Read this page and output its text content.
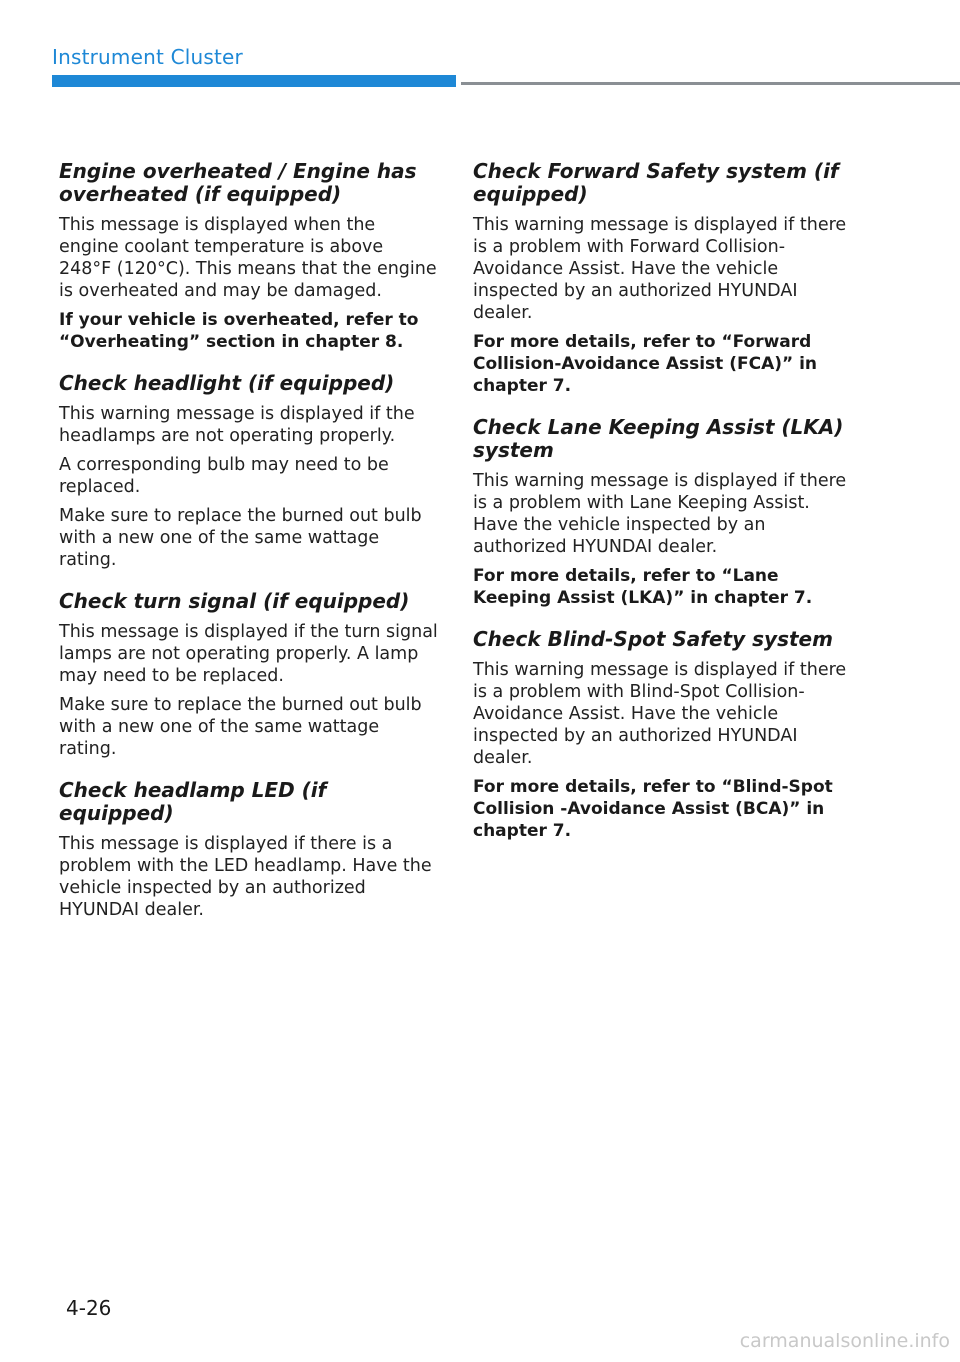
Instrument Cluster
Engine overheated / Engine has overheated (if equipped)

This message is displayed when the engine coolant temperature is above 248°F (120°C). This means that the engine is overheated and may be damaged.

If your vehicle is overheated, refer to “Overheating” section in chapter 8.

Check headlight (if equipped)

This warning message is displayed if the headlamps are not operating properly.

A corresponding bulb may need to be replaced.

Make sure to replace the burned out bulb with a new one of the same wattage rating.

Check turn signal (if equipped)

This message is displayed if the turn signal lamps are not operating properly. A lamp may need to be replaced.

Make sure to replace the burned out bulb with a new one of the same wattage rating.

Check headlamp LED (if equipped)

This message is displayed if there is a problem with the LED headlamp. Have the vehicle inspected by an authorized HYUNDAI dealer.

Check Forward Safety system (if equipped)

This warning message is displayed if there is a problem with Forward Collision-Avoidance Assist. Have the vehicle inspected by an authorized HYUNDAI dealer.

For more details, refer to “Forward Collision-Avoidance Assist (FCA)” in chapter 7.

Check Lane Keeping Assist (LKA) system

This warning message is displayed if there is a problem with Lane Keeping Assist. Have the vehicle inspected by an authorized HYUNDAI dealer.

For more details, refer to “Lane Keeping Assist (LKA)” in chapter 7.

Check Blind-Spot Safety system

This warning message is displayed if there is a problem with Blind-Spot Collision-Avoidance Assist. Have the vehicle inspected by an authorized HYUNDAI dealer.

For more details, refer to “Blind-Spot Collision -Avoidance Assist (BCA)” in chapter 7.

4-26
carmanualsonline.info
